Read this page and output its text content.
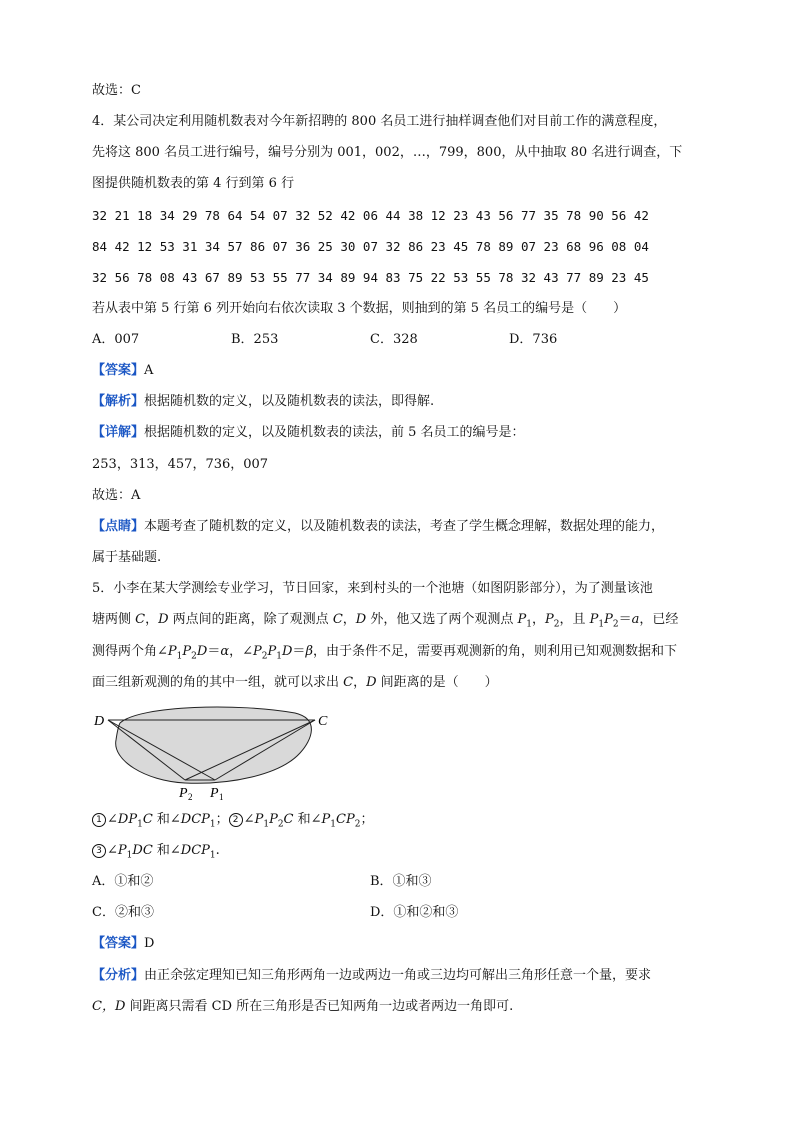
故选：C
4．某公司决定利用随机数表对今年新招聘的 800 名员工进行抽样调查他们对目前工作的满意程度，
先将这 800 名员工进行编号，编号分别为 001，002，…，799，800，从中抽取 80 名进行调查，下
图提供随机数表的第 4 行到第 6 行
32 21 18 34 29 78 64 54 07 32 52 42 06 44 38 12 23 43 56 77 35 78 90 56 42
84 42 12 53 31 34 57 86 07 36 25 30 07 32 86 23 45 78 89 07 23 68 96 08 04
32 56 78 08 43 67 89 53 55 77 34 89 94 83 75 22 53 55 78 32 43 77 89 23 45
若从表中第 5 行第 6 列开始向右依次读取 3 个数据，则抽到的第 5 名员工的编号是（　　）
A．007	B．253	C．328	D．736
【答案】A
【解析】根据随机数的定义，以及随机数表的读法，即得解.
【详解】根据随机数的定义，以及随机数表的读法，前 5 名员工的编号是：
253，313，457，736，007
故选：A
【点睛】本题考查了随机数的定义，以及随机数表的读法，考查了学生概念理解，数据处理的能力，
属于基础题.
5．小李在某大学测绘专业学习，节日回家，来到村头的一个池塘（如图阴影部分），为了测量该池
塘两侧 C，D 两点间的距离，除了观测点 C，D 外，他又选了两个观测点 $P_1$，$P_2$，且 $P_1P_2=a$，已经
测得两个角$\angle P_1P_2D=\alpha$，$\angle P_2P_1D=\beta$，由于条件不足，需要再观测新的角，则利用已知观测数据和下
面三组新观测的角的其中一组，就可以求出 C，D 间距离的是（　　）
D	C
P 2 P 1
1 $\angle DP_1C$ 和$\angle DCP_1$； 2 $\angle P_1P_2C$ 和$\angle P_1CP_2$；
3 $\angle P_1DC$ 和$\angle DCP_1$.
A．①和②	B．①和③
C．②和③	D．①和②和③
【答案】D
【分析】由正余弦定理知已知三角形两角一边或两边一角或三边均可解出三角形任意一个量，要求
C，D 间距离只需看 CD 所在三角形是否已知两角一边或者两边一角即可.
